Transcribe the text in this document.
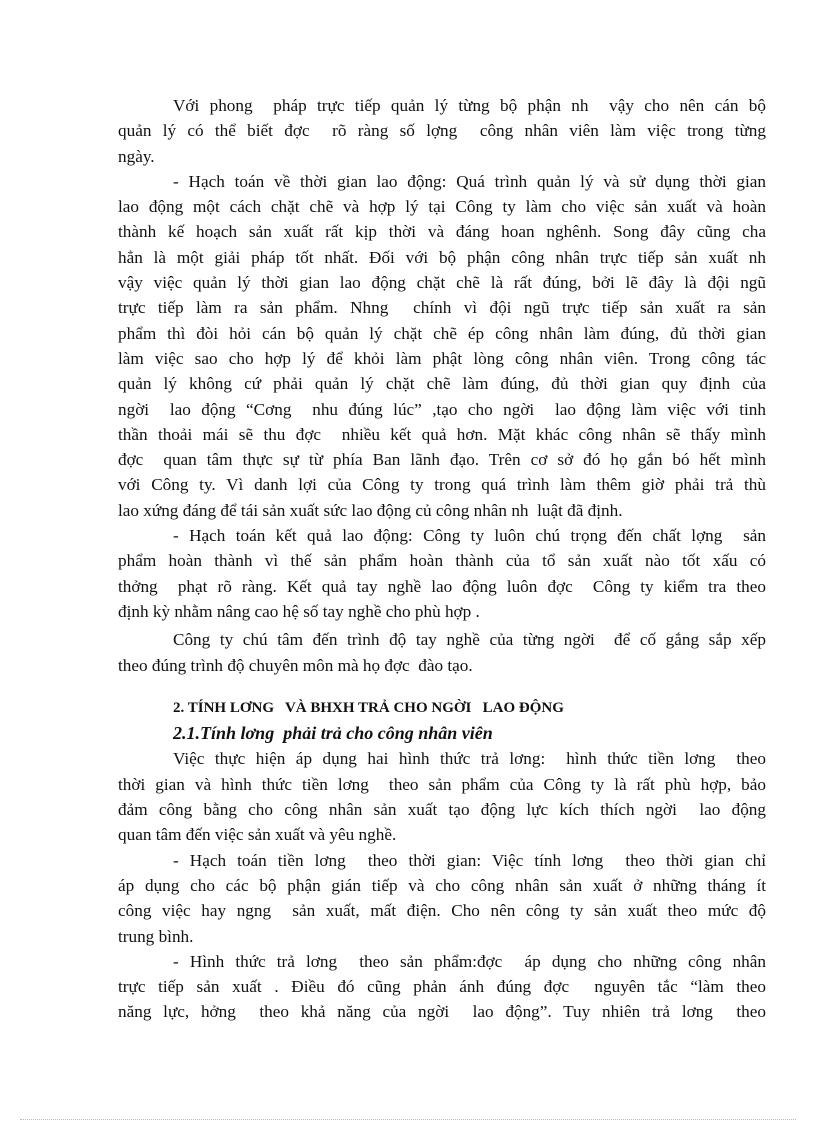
Với phong  pháp trực tiếp quản lý từng bộ phận nh  vậy cho nên cán bộ
quản lý có thể biết đợc  rõ ràng số lợng  công nhân viên làm việc trong từng
ngày.
- Hạch toán về thời gian lao động: Quá trình quản lý và sử dụng thời gian
lao động một cách chặt chẽ và hợp lý tại Công ty làm cho việc sản xuất và hoàn
thành kế hoạch sản xuất rất kịp thời và đáng hoan nghênh. Song đây cũng cha
hẳn là một giải pháp tốt nhất. Đối với bộ phận công nhân trực tiếp sản xuất nh
vậy việc quản lý thời gian lao động chặt chẽ là rất đúng, bởi lẽ đây là đội ngũ
trực tiếp làm ra sản phẩm. Nhng  chính vì đội ngũ trực tiếp sản xuất ra sản
phẩm thì đòi hỏi cán bộ quản lý chặt chẽ ép công nhân làm đúng, đủ thời gian
làm việc sao cho hợp lý để khỏi làm phật lòng công nhân viên. Trong công tác
quản lý không cứ phải quản lý chặt chẽ làm đúng, đủ thời gian quy định của
ngời  lao động “Cơng  nhu đúng lúc” ,tạo cho ngời  lao động làm việc với tinh
thần thoải mái sẽ thu đợc  nhiều kết quả hơn. Mặt khác công nhân sẽ thấy mình
đợc  quan tâm thực sự từ phía Ban lãnh đạo. Trên cơ sở đó họ gắn bó hết mình
với Công ty. Vì danh lợi của Công ty trong quá trình làm thêm giờ phải trả thù
lao xứng đáng để tái sản xuất sức lao động củ công nhân nh  luật đã định.
- Hạch toán kết quả lao động: Công ty luôn chú trọng đến chất lợng  sản
phẩm hoàn thành vì thế sản phẩm hoàn thành của tổ sản xuất nào tốt xấu có
thởng  phạt rõ ràng. Kết quả tay nghề lao động luôn đợc  Công ty kiểm tra theo
định kỳ nhằm nâng cao hệ số tay nghề cho phù hợp .
Công ty chú tâm đến trình độ tay nghề của từng ngời  để cố gắng sắp xếp
theo đúng trình độ chuyên môn mà họ đợc  đào tạo.
2. TÍNH LƠNG   VÀ BHXH TRẢ CHO NGỜI   LAO ĐỘNG
2.1.Tính lơng  phải trả cho công nhân viên
Việc thực hiện áp dụng hai hình thức trả lơng:  hình thức tiền lơng  theo
thời gian và hình thức tiền lơng  theo sản phẩm của Công ty là rất phù hợp, bảo
đảm công bằng cho công nhân sản xuất tạo động lực kích thích ngời  lao động
quan tâm đến việc sản xuất và yêu nghề.
- Hạch toán tiền lơng  theo thời gian: Việc tính lơng  theo thời gian chỉ
áp dụng cho các bộ phận gián tiếp và cho công nhân sản xuất ở những tháng ít
công việc hay ngng  sản xuất, mất điện. Cho nên công ty sản xuất theo mức độ
trung bình.
- Hình thức trả lơng  theo sản phẩm:đợc  áp dụng cho những công nhân
trực tiếp sản xuất . Điều đó cũng phản ánh đúng đợc  nguyên tắc “làm theo
năng lực, hởng  theo khả năng của ngời  lao động”. Tuy nhiên trả lơng  theo
